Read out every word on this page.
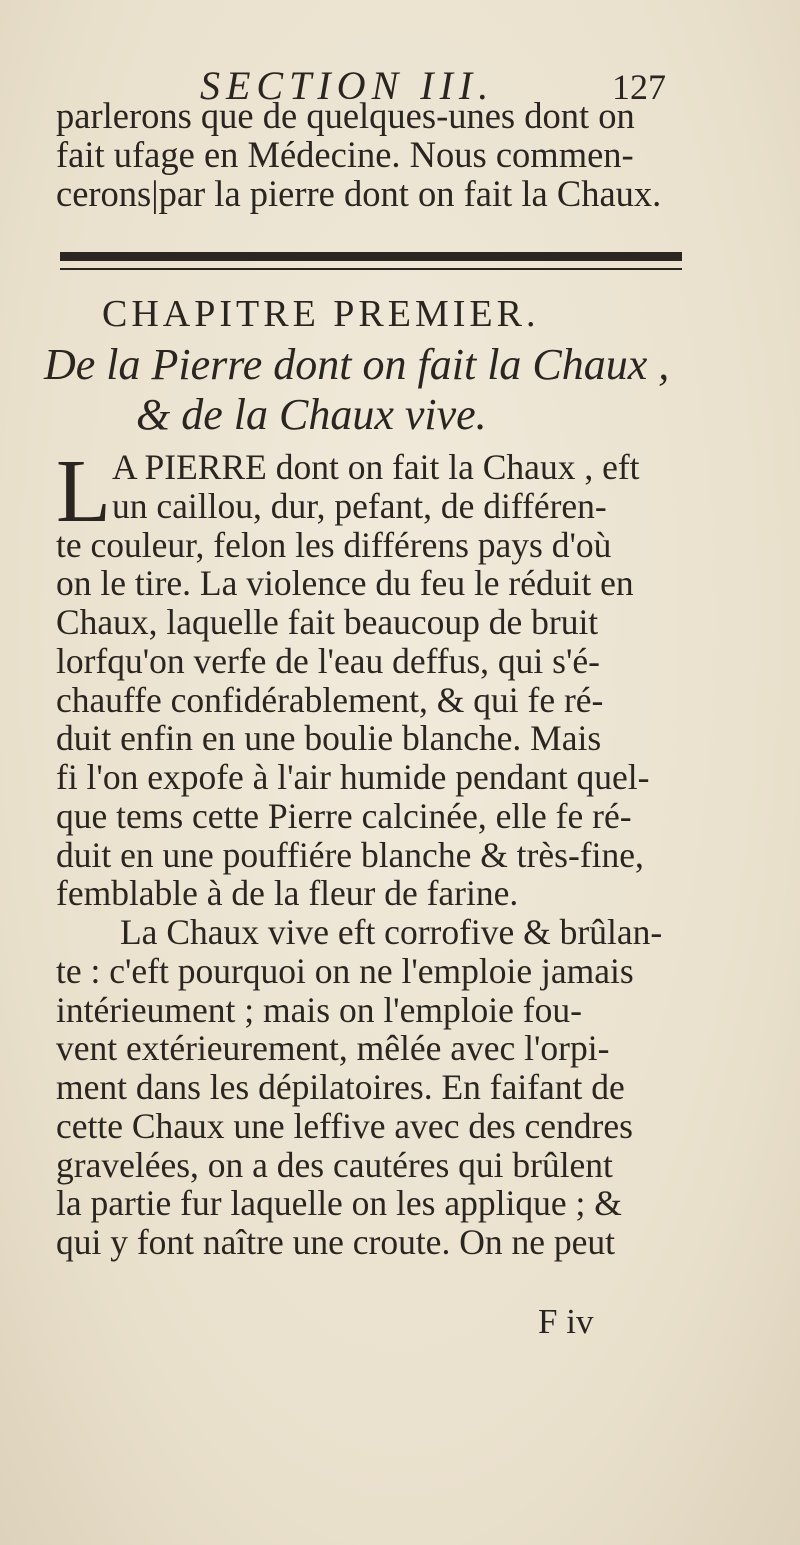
SECTION III.	127
parlerons que de quelques-unes dont on
fait ufage en Médecine. Nous commen-
cerons|par la pierre dont on fait la Chaux.
CHAPITRE PREMIER.
De la Pierre dont on fait la Chaux ,
& de la Chaux vive.
L A PIERRE dont on fait la Chaux , eft
un caillou, dur, pefant, de différen-
te couleur, felon les différens pays d'où
on le tire. La violence du feu le réduit en
Chaux, laquelle fait beaucoup de bruit
lorfqu'on verfe de l'eau deffus, qui s'é-
chauffe confidérablement, & qui fe ré-
duit enfin en une boulie blanche. Mais
fi l'on expofe à l'air humide pendant quel-
que tems cette Pierre calcinée, elle fe ré-
duit en une pouffiére blanche & très-fine,
femblable à de la fleur de farine.
La Chaux vive eft corrofive & brûlan-
te : c'eft pourquoi on ne l'emploie jamais
intérieument ; mais on l'emploie fou-
vent extérieurement, mêlée avec l'orpi-
ment dans les dépilatoires. En faifant de
cette Chaux une leffive avec des cendres
gravelées, on a des cautéres qui brûlent
la partie fur laquelle on les applique ; &
qui y font naître une croute. On ne peut
F iv
